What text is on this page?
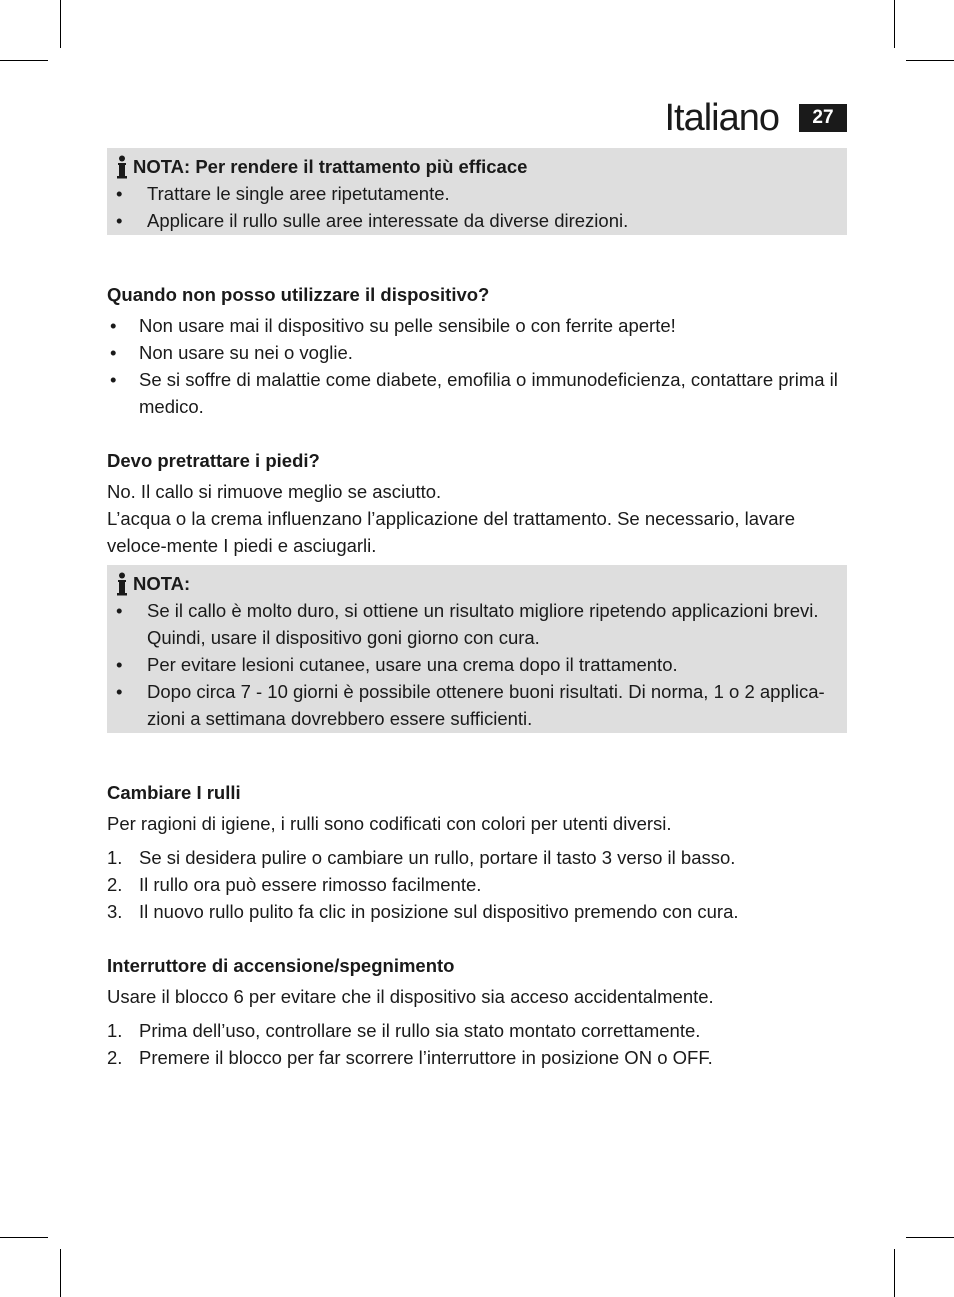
Italiano	27
NOTA: Per rendere il trattamento più efficace
• Trattare le single aree ripetutamente.
• Applicare il rullo sulle aree interessate da diverse direzioni.
Quando non posso utilizzare il dispositivo?
• Non usare mai il dispositivo su pelle sensibile o con ferrite aperte!
• Non usare su nei o voglie.
• Se si soffre di malattie come diabete, emofilia o immunodeficienza, contattare prima il medico.
Devo pretrattare i piedi?

No. Il callo si rimuove meglio se asciutto.

L’acqua o la crema influenzano l’applicazione del trattamento. Se necessario, lavare veloce-mente I piedi e asciugarli.

NOTA:
• Se il callo è molto duro, si ottiene un risultato migliore ripetendo applicazioni brevi. Quindi, usare il dispositivo goni giorno con cura.
• Per evitare lesioni cutanee, usare una crema dopo il trattamento.
• Dopo circa 7 - 10 giorni è possibile ottenere buoni risultati. Di norma, 1 o 2 applica-zioni a settimana dovrebbero essere sufficienti.
Cambiare I rulli

Per ragioni di igiene, i rulli sono codificati con colori per utenti diversi.

1. Se si desidera pulire o cambiare un rullo, portare il tasto 3 verso il basso.
2. Il rullo ora può essere rimosso facilmente.
3. Il nuovo rullo pulito fa clic in posizione sul dispositivo premendo con cura.
Interruttore di accensione/spegnimento

Usare il blocco 6 per evitare che il dispositivo sia acceso accidentalmente.

1. Prima dell’uso, controllare se il rullo sia stato montato correttamente.
2. Premere il blocco per far scorrere l’interruttore in posizione ON o OFF.
